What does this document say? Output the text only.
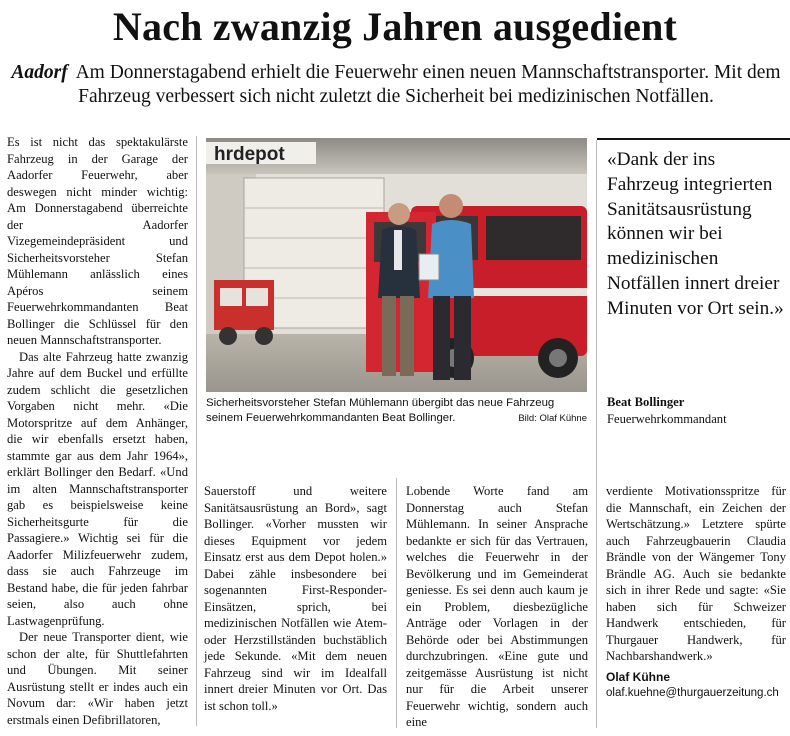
Nach zwanzig Jahren ausgedient
Aadorf Am Donnerstagabend erhielt die Feuerwehr einen neuen Mannschaftstransporter. Mit dem Fahrzeug verbessert sich nicht zuletzt die Sicherheit bei medizinischen Notfällen.

Es ist nicht das spektakulärste Fahrzeug in der Garage der Aadorfer Feuerwehr, aber deswegen nicht minder wichtig: Am Donnerstagabend überreichte der Aadorfer Vizegemeindepräsident und Sicherheitsvorsteher Stefan Mühlemann anlässlich eines Apéros seinem Feuerwehrkommandanten Beat Bollinger die Schlüssel für den neuen Mannschaftstransporter.

Das alte Fahrzeug hatte zwanzig Jahre auf dem Buckel und erfüllte zudem schlicht die gesetzlichen Vorgaben nicht mehr. «Die Motorspritze auf dem Anhänger, die wir ebenfalls ersetzt haben, stammte gar aus dem Jahr 1964», erklärt Bollinger den Bedarf. «Und im alten Mannschaftstransporter gab es beispielsweise keine Sicherheitsgurte für die Passagiere.» Wichtig sei für die Aadorfer Milizfeuerwehr zudem, dass sie auch Fahrzeuge im Bestand habe, die für jeden fahrbar seien, also auch ohne Lastwagenprüfung.

Der neue Transporter dient, wie schon der alte, für Shuttlefahrten und Übungen. Mit seiner Ausrüstung stellt er indes auch ein Novum dar: «Wir haben jetzt erstmals einen Defibrillatoren,

hrdepot
Sicherheitsvorsteher Stefan Mühlemann übergibt das neue Fahrzeug seinem Feuerwehrkommandanten Beat Bollinger.	Bild: Olaf Kühne
«Dank der ins Fahrzeug integrierten Sanitätsausrüstung können wir bei medizinischen Notfällen innert dreier Minuten vor Ort sein.»
Beat Bollinger
Feuerwehrkommandant

Sauerstoff und weitere Sanitätsausrüstung an Bord», sagt Bollinger. «Vorher mussten wir dieses Equipment vor jedem Einsatz erst aus dem Depot holen.» Dabei zähle insbesondere bei sogenannten First-Responder-Einsätzen, sprich, bei medizinischen Notfällen wie Atem- oder Herzstillständen buchstäblich jede Sekunde. «Mit dem neuen Fahrzeug sind wir im Idealfall innert dreier Minuten vor Ort. Das ist schon toll.»

Lobende Worte fand am Donnerstag auch Stefan Mühlemann. In seiner Ansprache bedankte er sich für das Vertrauen, welches die Feuerwehr in der Bevölkerung und im Gemeinderat geniesse. Es sei denn auch kaum je ein Problem, diesbezügliche Anträge oder Vorlagen in der Behörde oder bei Abstimmungen durchzubringen. «Eine gute und zeitgemässe Ausrüstung ist nicht nur für die Arbeit unserer Feuerwehr wichtig, sondern auch eine

verdiente Motivationsspritze für die Mannschaft, ein Zeichen der Wertschätzung.» Letztere spürte auch Fahrzeugbauerin Claudia Brändle von der Wängemer Tony Brändle AG. Auch sie bedankte sich in ihrer Rede und sagte: «Sie haben sich für Schweizer Handwerk entschieden, für Thurgauer Handwerk, für Nachbarshandwerk.»

Olaf Kühne
olaf.kuehne@thurgauerzeitung.ch
